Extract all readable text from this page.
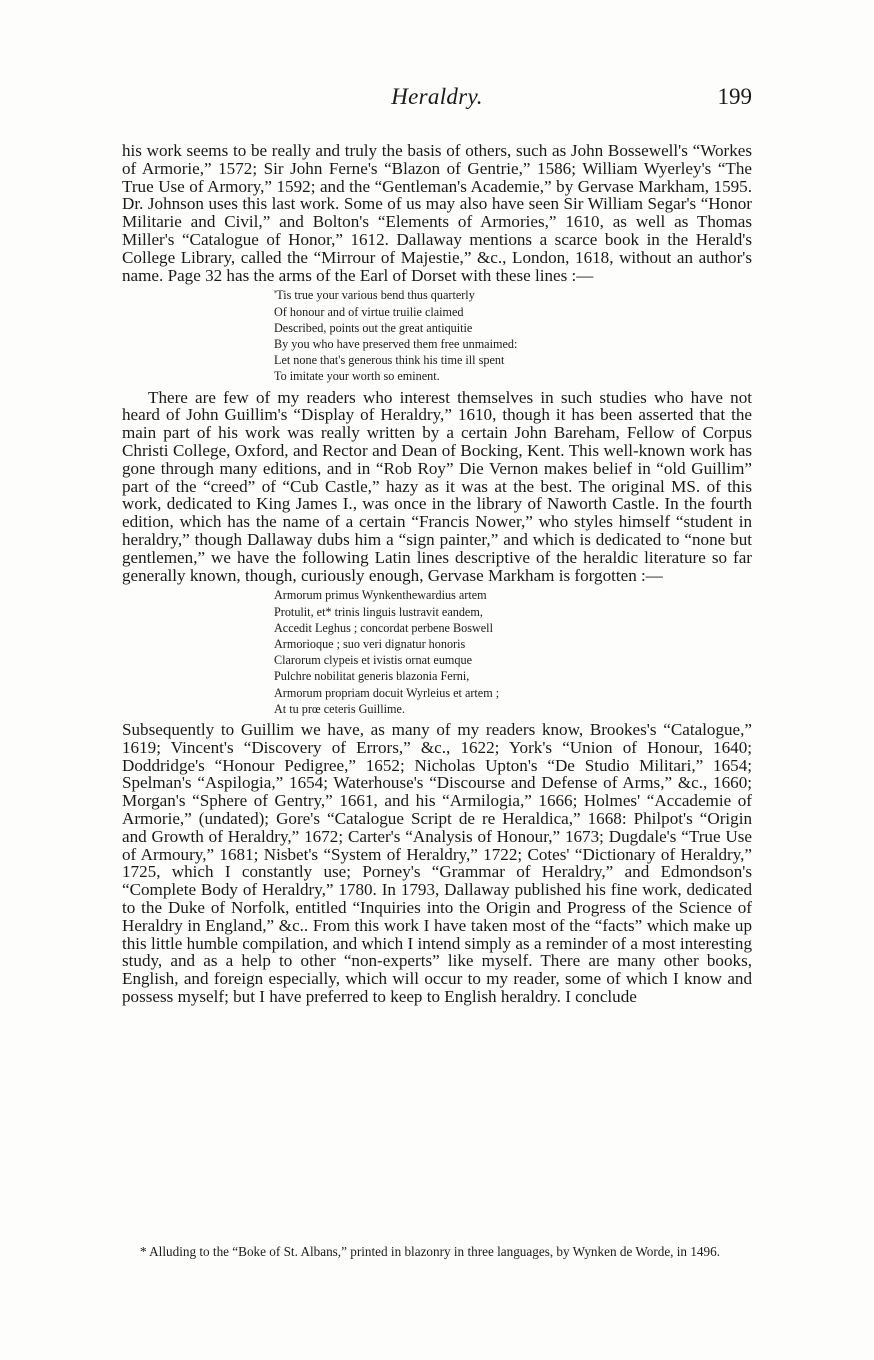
Heraldry.	199

his work seems to be really and truly the basis of others, such as John Bossewell's “Workes of Armorie,” 1572; Sir John Ferne's “Blazon of Gentrie,” 1586; William Wyerley's “The True Use of Armory,” 1592; and the “Gentleman's Academie,” by Gervase Markham, 1595. Dr. Johnson uses this last work. Some of us may also have seen Sir William Segar's “Honor Militarie and Civil,” and Bolton's “Elements of Armories,” 1610, as well as Thomas Miller's “Catalogue of Honor,” 1612. Dallaway mentions a scarce book in the Herald's College Library, called the “Mirrour of Majestie,” &c., London, 1618, without an author's name. Page 32 has the arms of the Earl of Dorset with these lines :—

'Tis true your various bend thus quarterly
Of honour and of virtue truilie claimed
Described, points out the great antiquitie
By you who have preserved them free unmaimed:
Let none that's generous think his time ill spent
To imitate your worth so eminent.

There are few of my readers who interest themselves in such studies who have not heard of John Guillim's “Display of Heraldry,” 1610, though it has been asserted that the main part of his work was really written by a certain John Bareham, Fellow of Corpus Christi College, Oxford, and Rector and Dean of Bocking, Kent. This well-known work has gone through many editions, and in “Rob Roy” Die Vernon makes belief in “old Guillim” part of the “creed” of “Cub Castle,” hazy as it was at the best. The original MS. of this work, dedicated to King James I., was once in the library of Naworth Castle. In the fourth edition, which has the name of a certain “Francis Nower,” who styles himself “student in heraldry,” though Dallaway dubs him a “sign painter,” and which is dedicated to “none but gentlemen,” we have the following Latin lines descriptive of the heraldic literature so far generally known, though, curiously enough, Gervase Markham is forgotten :—

Armorum primus Wynkenthewardius artem
Protulit, et* trinis linguis lustravit eandem,
Accedit Leghus ; concordat perbene Boswell
Armorioque ; suo veri dignatur honoris
Clarorum clypeis et ivistis ornat eumque
Pulchre nobilitat generis blazonia Ferni,
Armorum propriam docuit Wyrleius et artem ;
At tu prœ ceteris Guillime.

Subsequently to Guillim we have, as many of my readers know, Brookes's “Catalogue,” 1619; Vincent's “Discovery of Errors,” &c., 1622; York's “Union of Honour, 1640; Doddridge's “Honour Pedigree,” 1652; Nicholas Upton's “De Studio Militari,” 1654; Spelman's “Aspilogia,” 1654; Waterhouse's “Discourse and Defense of Arms,” &c., 1660; Morgan's “Sphere of Gentry,” 1661, and his “Armilogia,” 1666; Holmes' “Accademie of Armorie,” (undated); Gore's “Catalogue Script de re Heraldica,” 1668: Philpot's “Origin and Growth of Heraldry,” 1672; Carter's “Analysis of Honour,” 1673; Dugdale's “True Use of Armoury,” 1681; Nisbet's “System of Heraldry,” 1722; Cotes' “Dictionary of Heraldry,” 1725, which I constantly use; Porney's “Grammar of Heraldry,” and Edmondson's “Complete Body of Heraldry,” 1780. In 1793, Dallaway published his fine work, dedicated to the Duke of Norfolk, entitled “Inquiries into the Origin and Progress of the Science of Heraldry in England,” &c.. From this work I have taken most of the “facts” which make up this little humble compilation, and which I intend simply as a reminder of a most interesting study, and as a help to other “non-experts” like myself. There are many other books, English, and foreign especially, which will occur to my reader, some of which I know and possess myself; but I have preferred to keep to English heraldry. I conclude

* Alluding to the “Boke of St. Albans,” printed in blazonry in three languages, by Wynken de Worde, in 1496.
